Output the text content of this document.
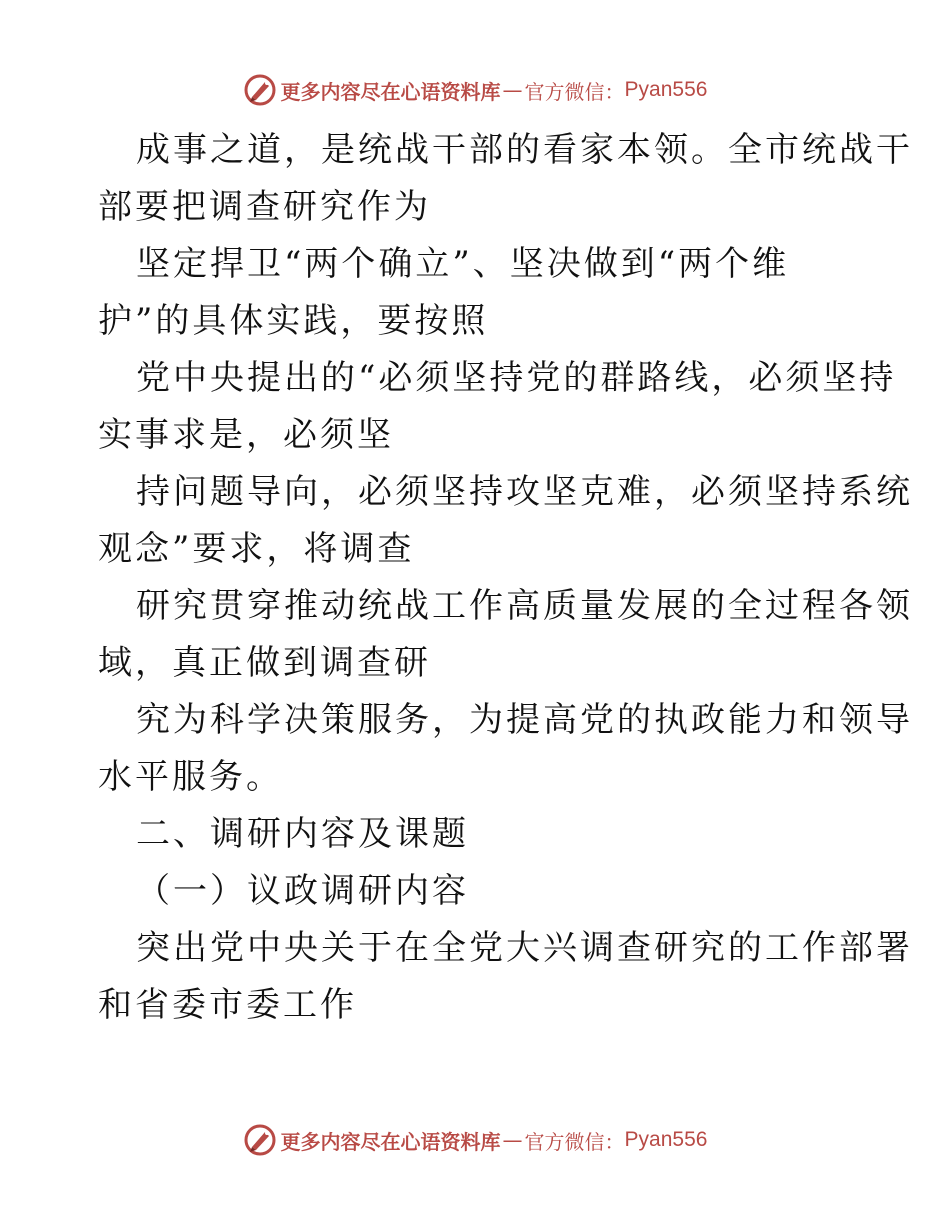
更多内容尽在心语资料库 — 官方微信： Pyan556
成事之道，是统战干部的看家本领。全市统战干
部要把调查研究作为
坚定捍卫“两个确立”、坚决做到“两个维
护”的具体实践，要按照
党中央提出的“必须坚持党的群路线，必须坚持
实事求是，必须坚
持问题导向，必须坚持攻坚克难，必须坚持系统
观念”要求，将调查
研究贯穿推动统战工作高质量发展的全过程各领
域，真正做到调查研
究为科学决策服务，为提高党的执政能力和领导
水平服务。
二、调研内容及课题
（一）议政调研内容
突出党中央关于在全党大兴调查研究的工作部署
和省委市委工作
更多内容尽在心语资料库 — 官方微信： Pyan556
